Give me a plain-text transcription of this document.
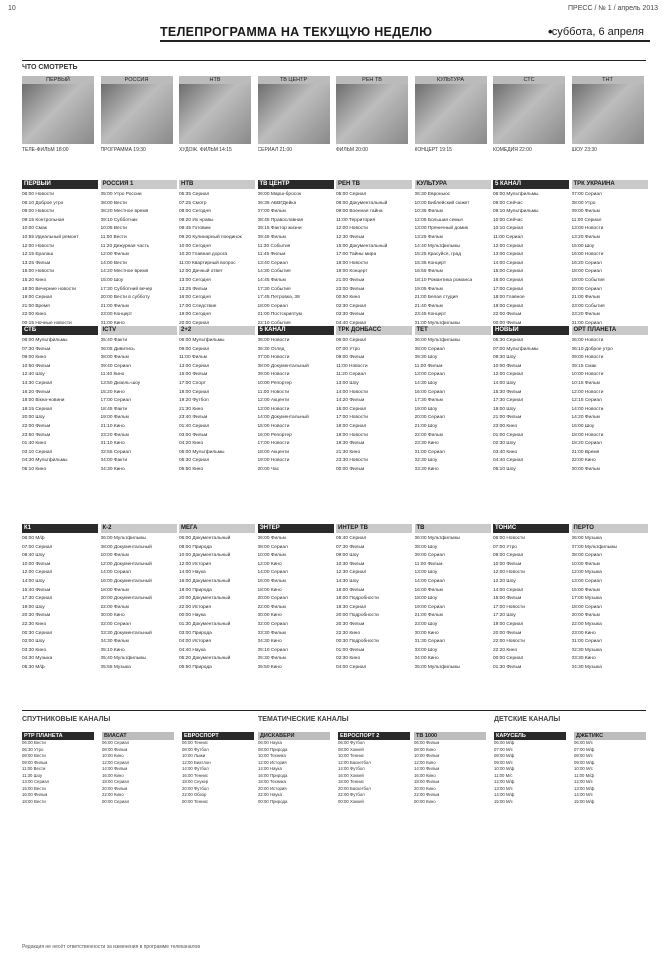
10	ПРЕСС / № 1 / апрель 2013
ТЕЛЕПРОГРАММА НА ТЕКУЩУЮ НЕДЕЛЮ	• суббота, 6 апреля
ЧТО СМОТРЕТЬ
ПЕРВЫЙ
ТЕЛЕ-ФИЛЬМ 18:00
РОССИЯ
ПРОГРАММА 19:30
НТВ
ХУДОЖ. ФИЛЬМ 14:15
ТВ ЦЕНТР
СЕРИАЛ 21:00
РЕН ТВ
ФИЛЬМ 20:00
КУЛЬТУРА
КОНЦЕРТ 19:15
СТС
КОМЕДИЯ 22:00
ТНТ
ШОУ 23:30
ПЕРВЫЙ
06:00 Новости
06:10 Доброе утро
09:00 Новости
09:15 Контрольная
10:00 Смак
10:55 Идеальный ремонт
12:00 Новости
12:15 Ералаш
13:25 Фильм
15:00 Новости
15:20 Кино
18:00 Вечерние новости
19:00 Сериал
21:00 Время
22:00 Кино
00:15 Ночные новости
РОССИЯ 1
05:00 Утро России
08:00 Вести
08:20 Местное время
09:10 Субботник
10:05 Вести
11:00 Вести
11:20 Дежурная часть
12:00 Фильм
14:00 Вести
14:20 Местное время
15:00 Шоу
17:30 Субботний вечер
20:00 Вести в субботу
21:00 Фильм
23:00 Концерт
01:00 Кино
НТВ
05:35 Сериал
07:25 Смотр
08:00 Сегодня
08:20 Их нравы
08:45 Готовим
09:20 Кулинарный поединок
10:00 Сегодня
10:20 Главная дорога
11:00 Квартирный вопрос
12:00 Дачный ответ
13:00 Сегодня
13:25 Фильм
16:00 Сегодня
17:00 Следствие
19:00 Сегодня
20:00 Сериал
ТВ ЦЕНТР
06:00 Марш-бросок
06:35 АБВГДейка
07:00 Фильм
08:45 Православная
09:15 Фактор жизни
09:45 Фильм
11:30 События
11:45 Фильм
13:40 Сериал
14:30 События
14:45 Фильм
17:30 События
17:45 Петровка, 38
18:00 Сериал
21:00 Постскриптум
22:10 События
РЕН ТВ
05:00 Сериал
08:00 Документальный
09:00 Военная тайна
11:00 Территория
12:00 Новости
12:30 Фильм
15:00 Документальный
17:00 Тайны мира
18:00 Новости
19:00 Концерт
21:00 Фильм
23:00 Фильм
00:50 Кино
02:30 Сериал
03:30 Фильм
04:40 Сериал
КУЛЬТУРА
06:30 Евроньюс
10:00 Библейский сюжет
10:35 Фильм
12:05 Большая семья
13:00 Пряничный домик
13:25 Фильм
14:40 Мультфильмы
15:25 Красуйся, град
15:35 Концерт
16:55 Фильм
18:10 Романтика романса
19:05 Фильм
21:00 Белая студия
21:40 Фильм
23:45 Концерт
01:00 Мультфильмы
5 КАНАЛ
06:00 Мультфильмы
09:00 Сейчас
09:10 Мультфильмы
10:00 Сейчас
10:10 Сериал
11:00 Сериал
12:00 Сериал
13:00 Сериал
14:00 Сериал
15:00 Сериал
16:00 Сериал
17:00 Сериал
18:00 Главное
19:00 Сериал
22:00 Фильм
00:00 Фильм
ТРК УКРАИНА
07:00 Сериал
08:00 Утро
09:00 Фильм
11:00 Сериал
13:00 Новости
13:20 Фильм
15:00 Шоу
16:00 Новости
16:20 Сериал
18:00 Сериал
19:00 События
20:00 Сериал
21:00 Фильм
23:00 События
23:20 Фильм
01:00 Сериал
СТБ
06:00 Мультфильмы
07:30 Фильм
09:00 Кино
10:50 Фильм
12:40 Шоу
14:30 Сериал
16:20 Фильм
18:00 Вікна-новини
18:15 Сериал
20:00 Шоу
22:00 Фильм
23:50 Фильм
01:40 Кино
03:10 Сериал
04:30 Мультфильмы
05:10 Кино
ICTV
05:40 Факти
06:05 Дивитись
08:00 Фильм
09:40 Сериал
11:40 Кино
13:50 Дизель-шоу
15:20 Кино
17:00 Сериал
18:45 Факти
19:00 Фильм
21:10 Кино
23:20 Фильм
01:10 Кино
02:55 Сериал
04:00 Факти
04:30 Кино
2+2
06:00 Мультфильмы
09:00 Сериал
11:00 Фильм
13:00 Сериал
15:00 Фильм
17:00 Спорт
18:00 Сериал
19:20 Футбол
21:30 Кино
23:40 Фильм
01:40 Сериал
03:00 Фильм
04:20 Кино
05:00 Мультфильмы
05:30 Сериал
05:50 Кино
5 КАНАЛ
06:00 Новости
06:30 Огляд
07:00 Новости
08:00 Документальный
09:00 Новости
10:00 Репортер
11:00 Новости
12:00 Акценти
13:00 Новости
14:00 Документальный
15:00 Новости
16:00 Репортер
17:00 Новости
18:00 Акценти
19:00 Новости
20:00 Час
ТРК ДОНБАСС
06:00 Сериал
07:00 Утро
09:00 Фильм
11:00 Новости
11:20 Сериал
13:00 Шоу
14:00 Новости
14:20 Фильм
16:00 Сериал
17:00 Новости
18:00 Сериал
19:00 Новости
19:30 Фильм
21:30 Кино
23:30 Новости
00:00 Фильм
ТЕТ
06:00 Мультфильмы
08:00 Сериал
09:30 Шоу
11:00 Фильм
13:00 Сериал
14:30 Шоу
16:00 Сериал
17:30 Фильм
19:00 Шоу
20:00 Сериал
21:00 Шоу
22:00 Фильм
23:30 Кино
01:00 Сериал
02:30 Шоу
03:30 Кино
НОВЫЙ
05:30 Сериал
07:00 Мультфильмы
08:30 Шоу
10:00 Фильм
12:00 Сериал
14:00 Шоу
15:30 Фильм
17:30 Сериал
19:00 Шоу
21:00 Фильм
23:00 Кино
01:00 Сериал
02:30 Шоу
03:40 Кино
04:40 Сериал
05:10 Шоу
ОРТ ПЛАНЕТА
06:00 Новости
06:10 Доброе утро
09:00 Новости
09:15 Смак
10:00 Новости
10:15 Фильм
12:00 Новости
12:15 Сериал
14:00 Новости
14:20 Фильм
16:00 Шоу
18:00 Новости
18:20 Сериал
21:00 Время
22:00 Кино
00:00 Фильм
К1
06:00 М/ф
07:00 Сериал
08:40 Шоу
10:00 Фильм
12:00 Сериал
14:00 Шоу
15:40 Фильм
17:30 Сериал
19:00 Шоу
20:30 Фильм
22:30 Кино
00:30 Сериал
02:00 Шоу
03:30 Кино
04:30 Музыка
05:30 М/ф
К-2
06:00 Мультфильмы
08:00 Документальный
10:00 Фильм
12:00 Документальный
14:00 Сериал
16:00 Документальный
18:00 Фильм
20:00 Документальный
22:00 Фильм
00:00 Кино
02:00 Сериал
03:30 Документальный
04:30 Фильм
05:10 Кино
05:40 Мультфильмы
05:55 Музыка
МЕГА
06:00 Документальный
08:00 Природа
10:00 Документальный
12:00 История
14:00 Наука
16:00 Документальный
18:00 Природа
20:00 Документальный
22:00 История
00:00 Наука
01:30 Документальный
03:00 Природа
04:00 История
04:40 Наука
05:20 Документальный
05:50 Природа
ЭНТЕР
06:00 Фильм
08:00 Сериал
10:00 Фильм
12:00 Кино
14:00 Сериал
16:00 Фильм
18:00 Кино
20:00 Сериал
22:00 Фильм
00:00 Кино
02:00 Сериал
03:30 Фильм
04:30 Кино
05:10 Сериал
05:30 Фильм
05:50 Кино
ИНТЕР ТВ
05:40 Сериал
07:30 Фильм
09:00 Шоу
10:30 Фильм
12:30 Сериал
14:30 Шоу
16:00 Фильм
18:00 Подробности
18:30 Сериал
20:00 Подробности
20:30 Фильм
22:30 Кино
00:30 Подробности
01:00 Фильм
02:30 Кино
04:00 Сериал
ТВ
06:00 Мультфильмы
08:00 Шоу
09:00 Сериал
11:00 Фильм
13:00 Шоу
14:00 Сериал
16:00 Фильм
18:00 Шоу
19:00 Сериал
21:00 Фильм
23:00 Шоу
00:00 Кино
01:30 Сериал
03:00 Шоу
04:00 Кино
05:00 Мультфильмы
ТОНИС
06:00 Новости
07:00 Утро
09:00 Сериал
10:00 Фильм
12:00 Новости
12:20 Шоу
14:00 Сериал
15:00 Фильм
17:00 Новости
17:20 Шоу
19:00 Сериал
20:00 Фильм
22:00 Новости
22:20 Кино
00:00 Сериал
01:30 Фильм
ПЕРТО
06:00 Музыка
07:00 Мультфильмы
08:00 Сериал
10:00 Фильм
12:00 Музыка
13:00 Сериал
15:00 Фильм
17:00 Музыка
18:00 Сериал
20:00 Фильм
22:00 Музыка
23:00 Кино
01:00 Сериал
02:30 Музыка
03:30 Кино
04:30 Музыка
СПУТНИКОВЫЕ КАНАЛЫ	ТЕМАТИЧЕСКИЕ КАНАЛЫ	ДЕТСКИЕ КАНАЛЫ
РТР ПЛАНЕТА
06:00 Вести
06:30 Утро
08:00 Вести
09:00 Фильм
11:00 Вести
11:30 Шоу
13:00 Сериал
15:00 Вести
16:00 Фильм
18:00 Вести
ВИАСАТ
06:00 Сериал
08:00 Фильм
10:00 Кино
12:00 Сериал
14:00 Фильм
16:00 Кино
18:00 Сериал
20:00 Фильм
22:00 Кино
00:00 Сериал
ЕВРОСПОРТ
06:00 Теннис
08:00 Футбол
10:00 Лыжи
12:00 Биатлон
14:00 Футбол
16:00 Теннис
18:00 Снукер
20:00 Футбол
22:00 Обзор
00:00 Теннис
ДИСКАВЕРИ
06:00 Наука
08:00 Природа
10:00 Техника
12:00 История
14:00 Наука
16:00 Природа
18:00 Техника
20:00 История
22:00 Наука
00:00 Природа
ЕВРОСПОРТ 2
06:00 Футбол
08:00 Хоккей
10:00 Теннис
12:00 Баскетбол
14:00 Футбол
16:00 Хоккей
18:00 Теннис
20:00 Баскетбол
22:00 Футбол
00:00 Хоккей
ТВ 1000
06:00 Фильм
08:00 Кино
10:00 Фильм
12:00 Кино
14:00 Фильм
16:00 Кино
18:00 Фильм
20:00 Кино
22:00 Фильм
00:00 Кино
КАРУСЕЛЬ
06:00 М/ф
07:00 М/с
08:00 М/ф
09:00 М/с
10:00 М/ф
11:00 М/с
12:00 М/ф
13:00 М/с
14:00 М/ф
15:00 М/с
ДЖЕТИКС
06:00 М/с
07:00 М/ф
08:00 М/с
09:00 М/ф
10:00 М/с
11:00 М/ф
12:00 М/с
13:00 М/ф
14:00 М/с
15:00 М/ф
Редакция не несёт ответственности за изменения в программе телеканалов
